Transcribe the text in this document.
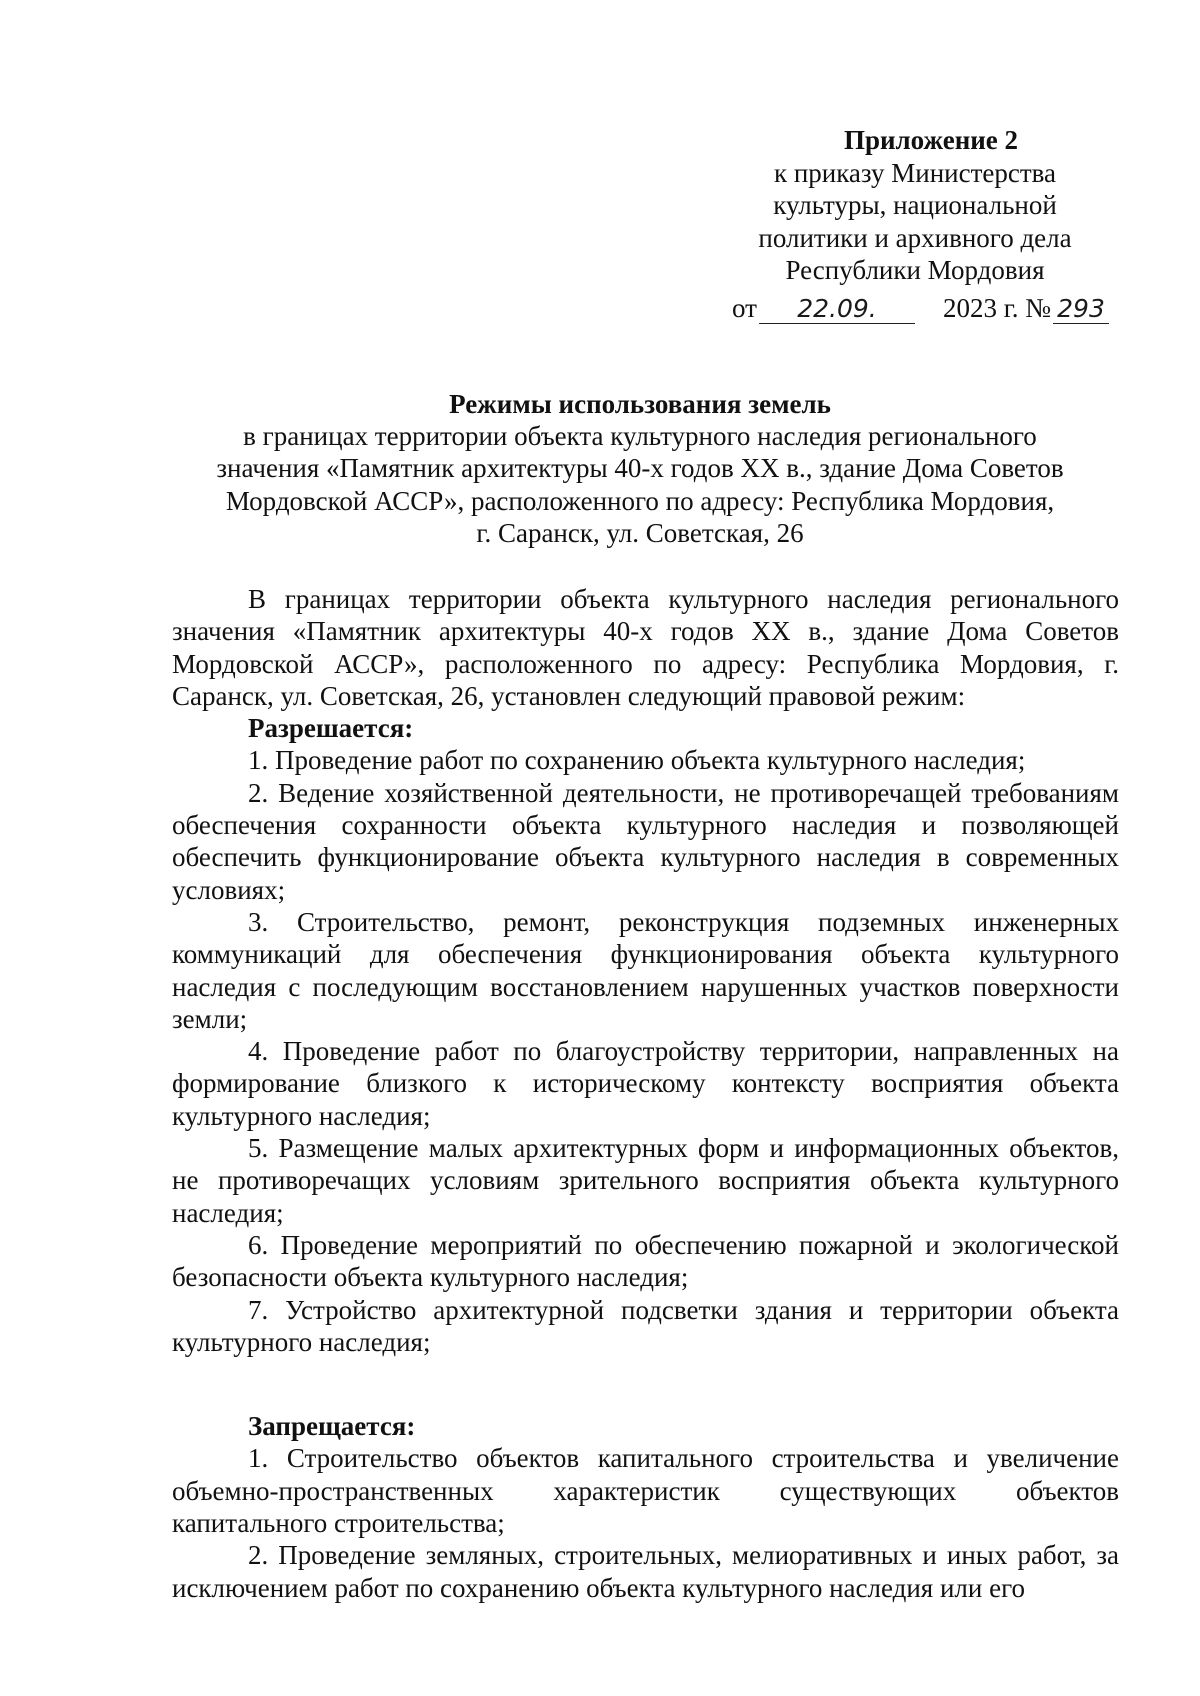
Приложение 2
к приказу Министерства
культуры, национальной
политики и архивного дела
Республики Мордовия
от 22.09. 2023 г. № 293
Режимы использования земель
в границах территории объекта культурного наследия регионального
значения «Памятник архитектуры 40-х годов XX в., здание Дома Советов
Мордовской АССР», расположенного по адресу: Республика Мордовия,
г. Саранск, ул. Советская, 26

В границах территории объекта культурного наследия регионального значения «Памятник архитектуры 40-х годов XX в., здание Дома Советов Мордовской АССР», расположенного по адресу: Республика Мордовия, г. Саранск, ул. Советская, 26, установлен следующий правовой режим:

Разрешается:

1. Проведение работ по сохранению объекта культурного наследия;

2. Ведение хозяйственной деятельности, не противоречащей требованиям обеспечения сохранности объекта культурного наследия и позволяющей обеспечить функционирование объекта культурного наследия в современных условиях;

3. Строительство, ремонт, реконструкция подземных инженерных коммуникаций для обеспечения функционирования объекта культурного наследия с последующим восстановлением нарушенных участков поверхности земли;

4. Проведение работ по благоустройству территории, направленных на формирование близкого к историческому контексту восприятия объекта культурного наследия;

5. Размещение малых архитектурных форм и информационных объектов, не противоречащих условиям зрительного восприятия объекта культурного наследия;

6. Проведение мероприятий по обеспечению пожарной и экологической безопасности объекта культурного наследия;

7. Устройство архитектурной подсветки здания и территории объекта культурного наследия;

Запрещается:

1. Строительство объектов капитального строительства и увеличение объемно-пространственных характеристик существующих объектов капитального строительства;

2. Проведение земляных, строительных, мелиоративных и иных работ, за исключением работ по сохранению объекта культурного наследия или его
